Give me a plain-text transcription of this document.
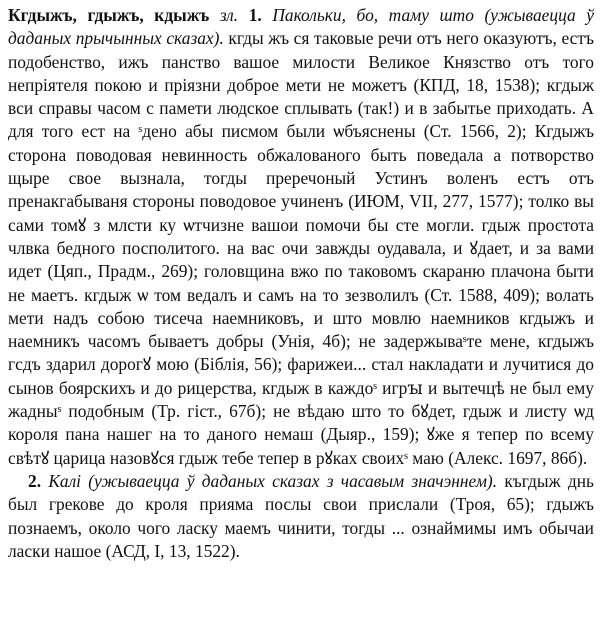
Кгдыжъ, гдыжъ, кдыжъ зл. 1. Пакольки, бо, таму што (ужываецца ў даданых прычынных сказах). кгды жъ ся таковые речи отъ него оказуютъ, естъ подобенство, ижъ панство вашое милости Великое Князство отъ того непріятеля покою и пріязни доброе мети не можетъ (КПД, 18, 1538); кгдыж вси справы часом с памети людское сплывать (так!) и в забытье приходать. А для того ест на ˢдено абы писмом были ѡбъяснены (Ст. 1566, 2); Кгдыжъ сторона поводовая невинность обжалованого быть поведала а потворство щыре свое вызнала, тогды преречоный Устинъ воленъ естъ отъ пренакгабываня стороны поводовое учиненъ (ИЮМ, VII, 277, 1577); толко вы сами томꙋ з млсти ку ѡтчизне вашои помочи бы сте могли. гдыж простота члвка бедного посполитого. на вас очи завжды оудавала, и ꙋдает, и за вами идет (Цяп., Прадм., 269); головщина вжо по таковомъ скараню плачона быти не маетъ. кгдыж ѡ том ведалъ и самъ на то зезволилъ (Ст. 1588, 409); волать мети надъ собою тисеча наемниковъ, и што мовлю наемников кгдыжъ и наемникъ часомъ бываетъ добры (Унія, 4б); не задержываˢте мене, кгдыжъ гсдъ здарил дорогꙋ мою (Біблія, 56); фарижеи... стал накладати и лучитися до сынов боярскихъ и до рицерства, кгдыж в каждоˢ игрꙑ и вытечцѣ не был ему жадныˢ подобным (Тр. гіст., 67б); не вѣдаю што то бꙋдет, гдыж и листу ѡд короля пана нашег на то даного немаш (Дыяр., 159); ꙋже я тепер по всему свѣтꙋ царица назовꙋся гдыж тебе тепер в рꙋках своихˢ маю (Алекс. 1697, 86б).

2. Калі (ужываецца ў даданых сказах з часавым значэннем). къгдыж днь был грекове до кроля прияма послы свои прислали (Троя, 65); гдыжъ познаемъ, около чого ласку маемъ чинити, тогды ... ознаймимы имъ обычаи ласки нашое (АСД, I, 13, 1522).
